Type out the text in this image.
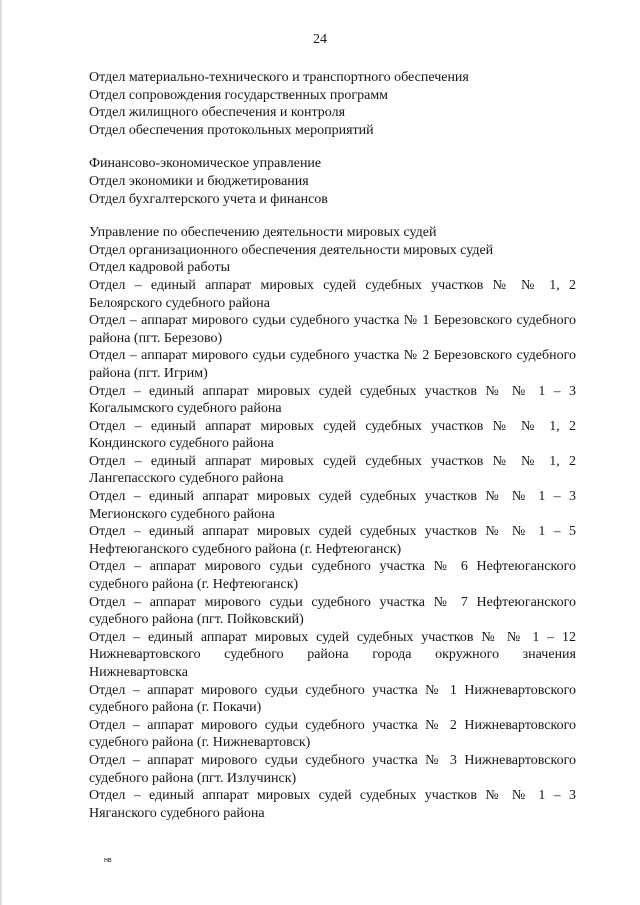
24

Отдел материально-технического и транспортного обеспечения

Отдел сопровождения государственных программ

Отдел жилищного обеспечения и контроля

Отдел обеспечения протокольных мероприятий

Финансово-экономическое управление

Отдел экономики и бюджетирования

Отдел бухгалтерского учета и финансов

Управление по обеспечению деятельности мировых судей

Отдел организационного обеспечения деятельности мировых судей

Отдел кадровой работы

Отдел – единый аппарат мировых судей судебных участков № № 1, 2 Белоярского судебного района

Отдел – аппарат мирового судьи судебного участка № 1 Березовского судебного района (пгт. Березово)

Отдел – аппарат мирового судьи судебного участка № 2 Березовского судебного района (пгт. Игрим)

Отдел – единый аппарат мировых судей судебных участков № № 1 – 3 Когалымского судебного района

Отдел – единый аппарат мировых судей судебных участков № № 1, 2 Кондинского судебного района

Отдел – единый аппарат мировых судей судебных участков № № 1, 2 Лангепасского судебного района

Отдел – единый аппарат мировых судей судебных участков № № 1 – 3 Мегионского судебного района

Отдел – единый аппарат мировых судей судебных участков № № 1 – 5 Нефтеюганского судебного района (г. Нефтеюганск)

Отдел – аппарат мирового судьи судебного участка № 6 Нефтеюганского судебного района (г. Нефтеюганск)

Отдел – аппарат мирового судьи судебного участка № 7 Нефтеюганского судебного района (пгт. Пойковский)

Отдел – единый аппарат мировых судей судебных участков № № 1 – 12 Нижневартовского судебного района города окружного значения Нижневартовска

Отдел – аппарат мирового судьи судебного участка № 1 Нижневартовского судебного района (г. Покачи)

Отдел – аппарат мирового судьи судебного участка № 2 Нижневартовского судебного района (г. Нижневартовск)

Отдел – аппарат мирового судьи судебного участка № 3 Нижневартовского судебного района (пгт. Излучинск)

Отдел – единый аппарат мировых судей судебных участков № № 1 – 3 Няганского судебного района

нв
